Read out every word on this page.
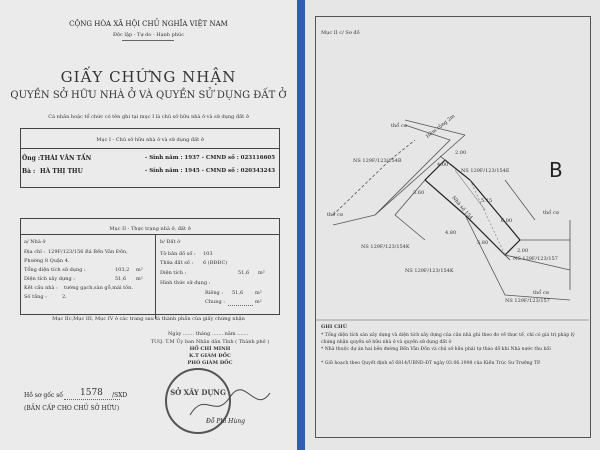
CỘNG HÒA XÃ HỘI CHỦ NGHĨA VIỆT NAM
Độc lập - Tự do - Hạnh phúc
GIẤY CHỨNG NHẬN
QUYỀN SỞ HỮU NHÀ Ở VÀ QUYỀN SỬ DỤNG ĐẤT Ở
Cá nhân hoặc tổ chức có tên ghi tại mục I là chủ sở hữu nhà ở và sử dụng đất ở
Mục I - Chủ sở hữu nhà ở và sử dụng đất ở
Ông : THÁI VĂN TẤN	- Sinh năm : 1937 - CMND số : 023116605
Bà : HÀ THỊ THU	- Sinh năm : 1945 - CMND số : 020343243
Mục II - Thực trạng nhà ở, đất ở
a/ Nhà ở
Địa chỉ : 129F/123/156 Bá Bến Vân Đồn,
Phường 8 Quận 4.
Tổng diện tích sử dụng :	103,2 m²
Diện tích xây dựng :	51,6 m²
Kết cấu nhà : tường gạch,sàn gỗ,mái tôn.
Số tầng :	2.
b/ Đất ở
Tờ bản đồ số : 103
Thửa đất số : 6 (BĐĐC)
Diện tích :	51,6 m²
Hình thức sử dụng :
Riêng : 51,6 m²
Chung :	m²
Mục IIc,Mục III, Mục IV ở các trang sau là thành phần của giấy chứng nhận
Ngày ....... tháng ....... năm .......
TUQ. T.M Ủy ban Nhân dân Tỉnh ( Thành phố )
HỒ CHÍ MINH
K.T GIÁM ĐỐC
PHÓ GIÁM ĐỐC
SỞ XÂY DỰNG
Đỗ Phi Hùng
Hồ sơ gốc số 1578 /SXD
(BẢN CẤP CHO CHỦ SỞ HỮU)
Mục II c/ Sơ đồ
B
thổ cư
thổ cư	thổ cư
thổ cư
Hẻm rộng 2m
Nhà số 154
NS 129F/123/154B
NS 129F/123/154K
NS 129F/123/154E
NS 129F/123/157
NS 129F/123/157
NS 129F/123/154K
4.00
3.60
5.15
6.00
2.00
5.80
2.00
4.80
GHI CHÚ
* Tổng diện tích sàn xây dựng và diện tích xây dựng của căn nhà ghi theo đo vẽ thực tế, chỉ có giá trị pháp lý chứng nhận quyền sở hữu nhà ở và quyền sử dụng đất ở
* Nhà thuộc dự án hai bên đường Bến Vân Đồn và chủ sở hữu phải tự tháo dỡ khi Nhà nước thu hồi
* Giữ hoạch theo Quyết định số 6814/UBND-ĐT ngày 03.06.1998 của Kiến Trúc Sư Trưởng TP.
